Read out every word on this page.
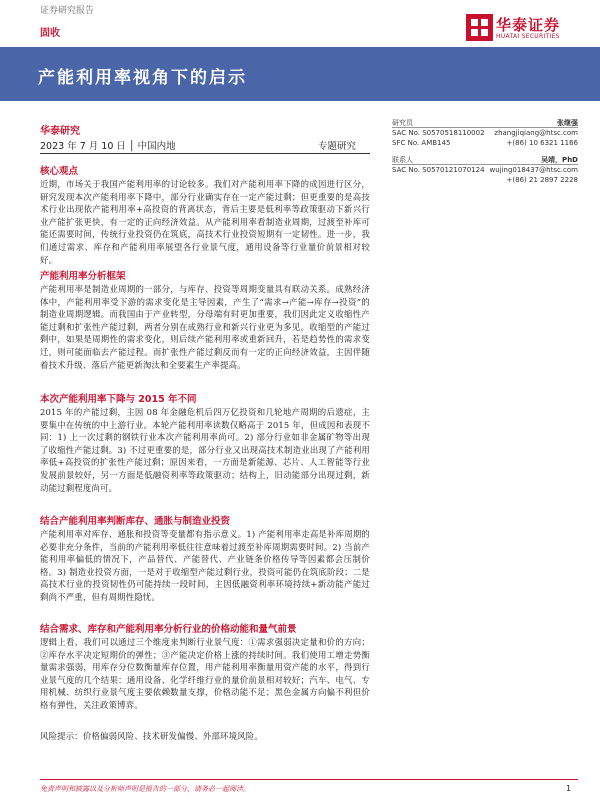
证券研究报告
华泰证券
HUATAI SECURITIES
固收
产能利用率视角下的启示
华泰研究
2023 年 7 月 10 日 │ 中国内地	专题研究
研究员	张继强
SAC No. S0570518110002 zhangjiqiang@htsc.com
SFC No. AMB145	+(86) 10 6321 1166
联系人	吴靖，PhD
SAC No. S0570121070124 wujing018437@htsc.com
+(86) 21 2897 2228
核心观点
近期，市场关于我国产能利用率的讨论较多。我们对产能利用率下降的成因进行区分，研究发现本次产能利用率下降中，部分行业确实存在一定产能过剩；但更重要的是高技术行业出现依产能利用率+高投资的背离状态，背后主要是低利率等政策驱动下新兴行业产能扩张更快，有一定的正向经济效益。从产能利用率看制造业周期，过渡至补库可能还需要时间，传统行业投资仍在筑底，高技术行业投资短期有一定韧性。进一步，我们通过需求、库存和产能利用率展望各行业景气度，通用设备等行业量价前景相对较好。
产能利用率分析框架
产能利用率是制造业周期的一部分，与库存、投资等周期变量具有联动关系。成熟经济体中，产能利用率受下游的需求变化是主导因素，产生了“需求→产能→库存→投资”的制造业周期逻辑。而我国由于产业转型，分母端有时更加重要，我们因此定义收缩性产能过剩和扩张性产能过剩，两者分别在成熟行业和新兴行业更为多见。收缩型的产能过剩中，如果是周期性的需求变化，则后续产能利用率或重新回升，若是趋势性的需求变迁，则可能面临去产能过程。而扩张性产能过剩反而有一定的正向经济效益，主因伴随着技术升级、落后产能更新淘汰和全要素生产率提高。
本次产能利用率下降与 2015 年不同
2015 年的产能过剩，主因 08 年金融危机后四万亿投资和几轮地产周期的后遗症，主要集中在传统的中上游行业。本轮产能利用率读数仅略高于 2015 年，但成因和表现不同：1) 上一次过剩的钢铁行业本次产能利用率尚可。2) 部分行业如非金属矿物等出现了收缩性产能过剩。3) 不过更重要的是，部分行业又出现高技术制造业出现了产能利用率低+高投资的扩张性产能过剩；原因来看，一方面是新能源、芯片、人工智能等行业发展前景较好，另一方面是低融资利率等政策驱动；结构上，旧动能部分出现过剩，新动能过剩程度尚可。
结合产能利用率判断库存、通胀与制造业投资
产能利用率对库存、通胀和投资等变量都有指示意义。1) 产能利用率走高是补库周期的必要非充分条件，当前的产能利用率低往往意味着过渡至补库周期需要时间。2) 当前产能利用率偏低的情况下，产品替代、产能替代、产业链条价格传导等因素都会压制价格。3) 制造业投资方面，一是对于收缩型产能过剩行业，投资可能仍在筑底阶段；二是高技术行业的投资韧性仍可能持续一段时间，主因低融资利率环境持续+新动能产能过剩尚不严重，但有周期性隐忧。
结合需求、库存和产能利用率分析行业的价格动能和量气前景
逻辑上看，我们可以通过三个维度来判断行业景气度：①需求强弱决定量和价的方向；②库存水平决定短期价的弹性；③产能决定价格上涨的持续时间。我们使用工增走势衡量需求强弱，用库存分位数衡量库存位置，用产能利用率衡量用资产能的水平，得到行业景气度的几个结果：通用设备、化学纤维行业的量价前景相对较好；汽车、电气、专用机械、纺织行业景气度主要依赖数量支撑，价格动能不足；黑色金属方向偏不利但价格有弹性，关注政策博弈。
风险提示：价格偏弱风险、技术研发偏慢、外部环境风险。
免责声明和披露以及分析师声明是报告的一部分，请务必一起阅读。	1
